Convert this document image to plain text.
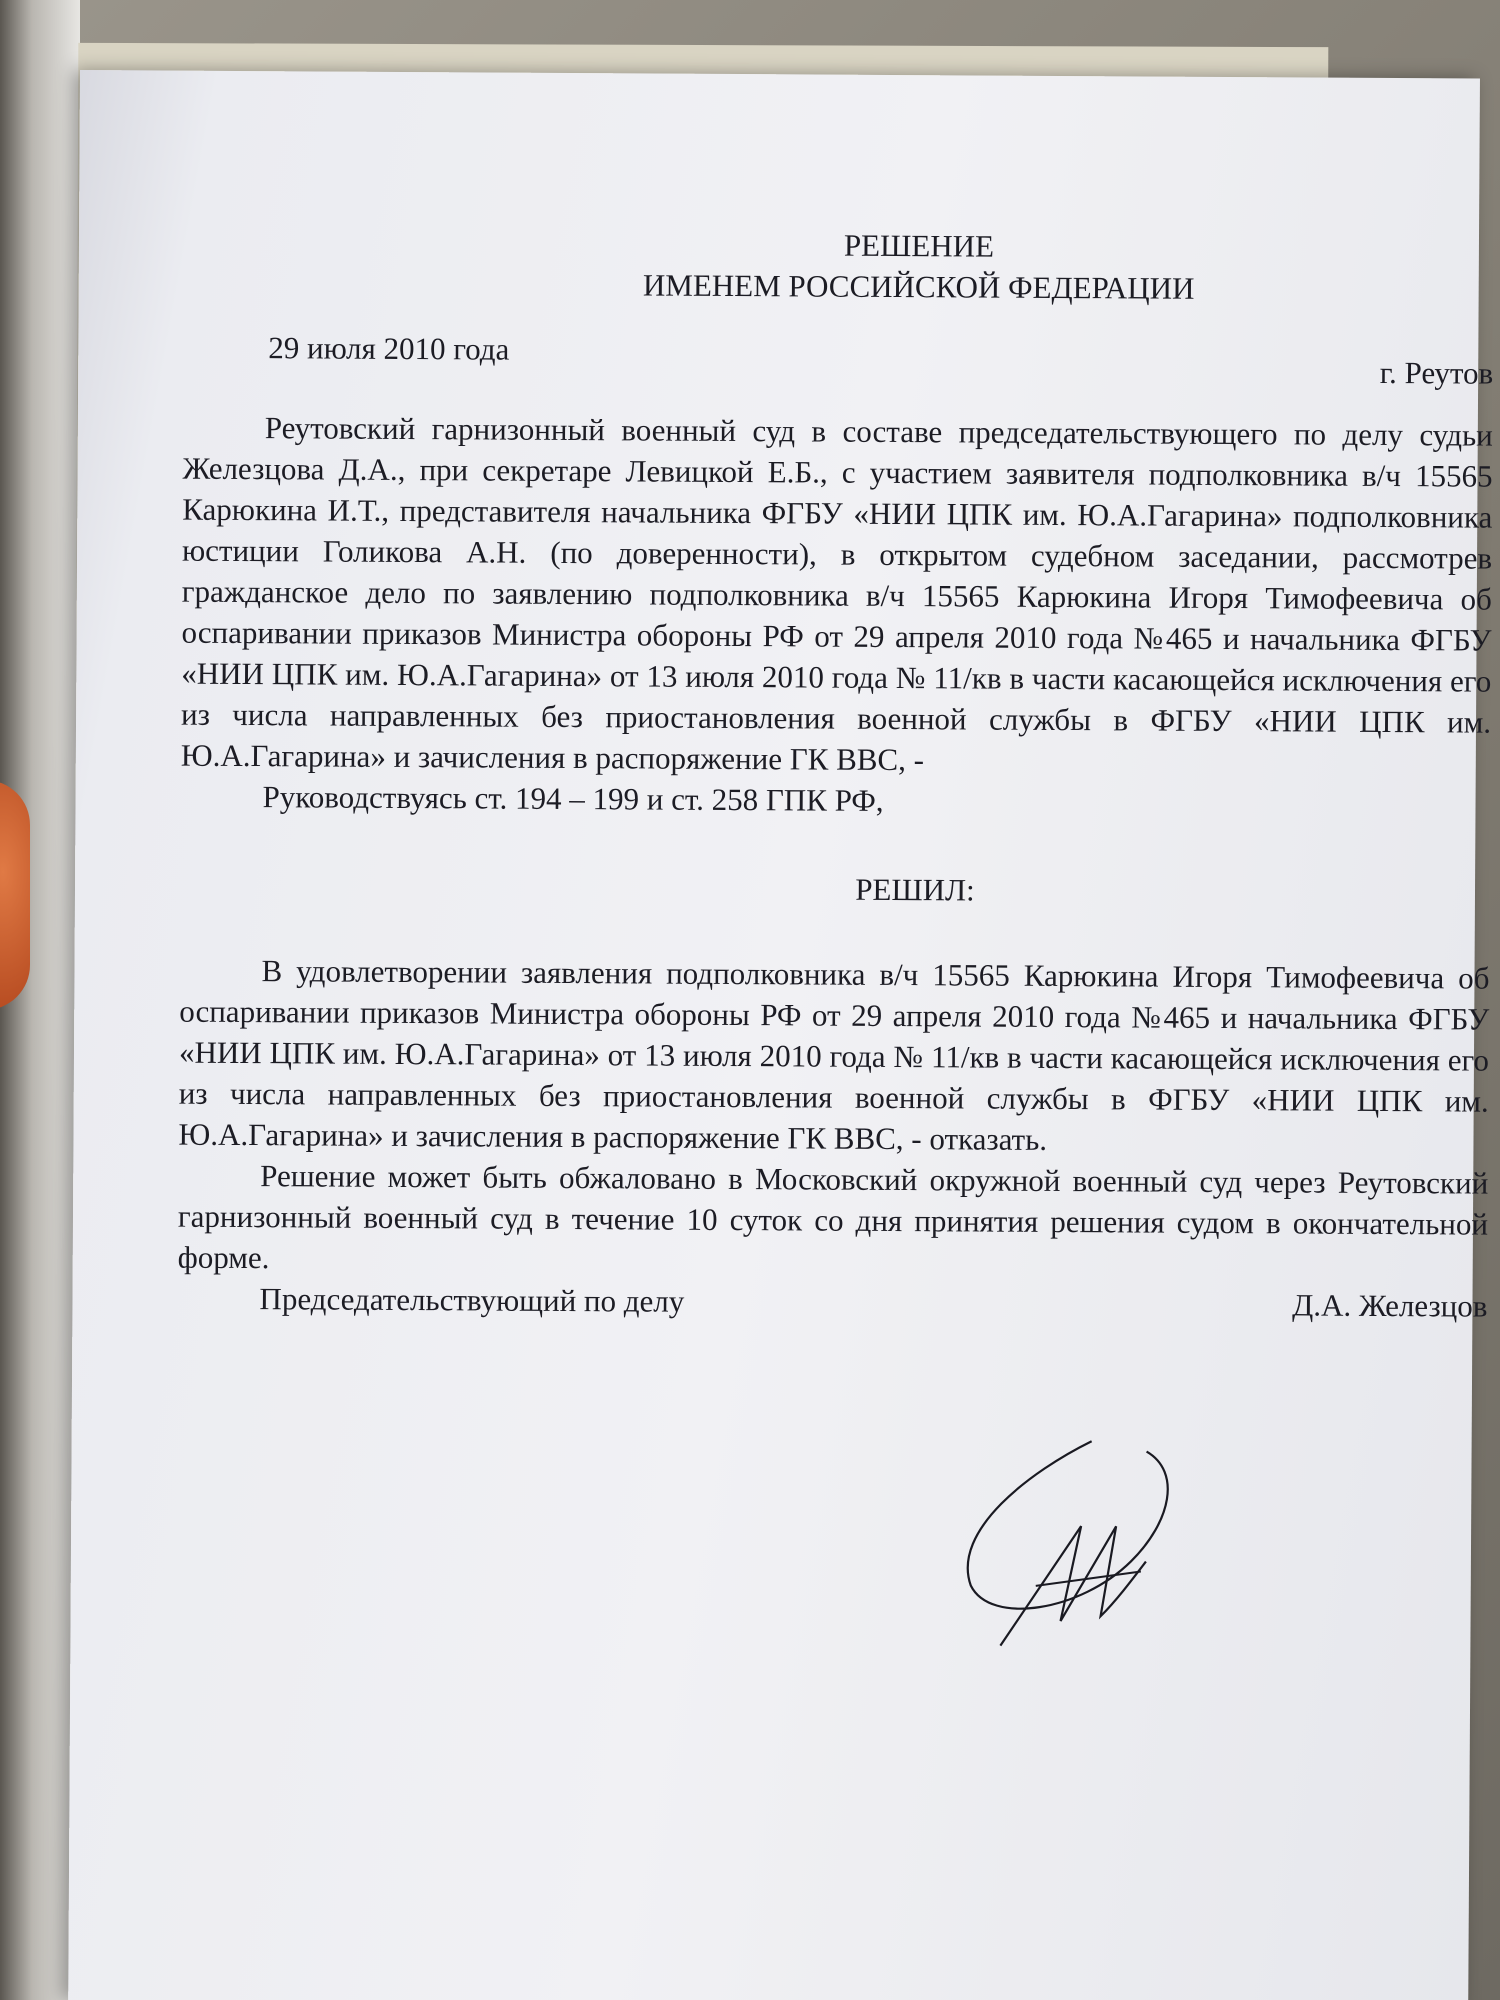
РЕШЕНИЕ
ИМЕНЕМ РОССИЙСКОЙ ФЕДЕРАЦИИ
29 июля 2010 года
г. Реутов

Реутовский гарнизонный военный суд в составе председательствующего по делу судьи Железцова Д.А., при секретаре Левицкой Е.Б., с участием заявителя подполковника в/ч 15565 Карюкина И.Т., представителя начальника ФГБУ «НИИ ЦПК им. Ю.А.Гагарина» подполковника юстиции Голикова А.Н. (по доверенности), в открытом судебном заседании, рассмотрев гражданское дело по заявлению подполковника в/ч 15565 Карюкина Игоря Тимофеевича об оспаривании приказов Министра обороны РФ от 29 апреля 2010 года №465 и начальника ФГБУ «НИИ ЦПК им. Ю.А.Гагарина» от 13 июля 2010 года № 11/кв в части касающейся исключения его из числа направленных без приостановления военной службы в ФГБУ «НИИ ЦПК им. Ю.А.Гагарина» и зачисления в распоряжение ГК ВВС, -

Руководствуясь ст. 194 – 199 и ст. 258 ГПК РФ,

РЕШИЛ:

В удовлетворении заявления подполковника в/ч 15565 Карюкина Игоря Тимофеевича об оспаривании приказов Министра обороны РФ от 29 апреля 2010 года №465 и начальника ФГБУ «НИИ ЦПК им. Ю.А.Гагарина» от 13 июля 2010 года № 11/кв в части касающейся исключения его из числа направленных без приостановления военной службы в ФГБУ «НИИ ЦПК им. Ю.А.Гагарина» и зачисления в распоряжение ГК ВВС, - отказать.

Решение может быть обжаловано в Московский окружной военный суд через Реутовский гарнизонный военный суд в течение 10 суток со дня принятия решения судом в окончательной форме.

Председательствующий по делу	Д.А. Железцов
